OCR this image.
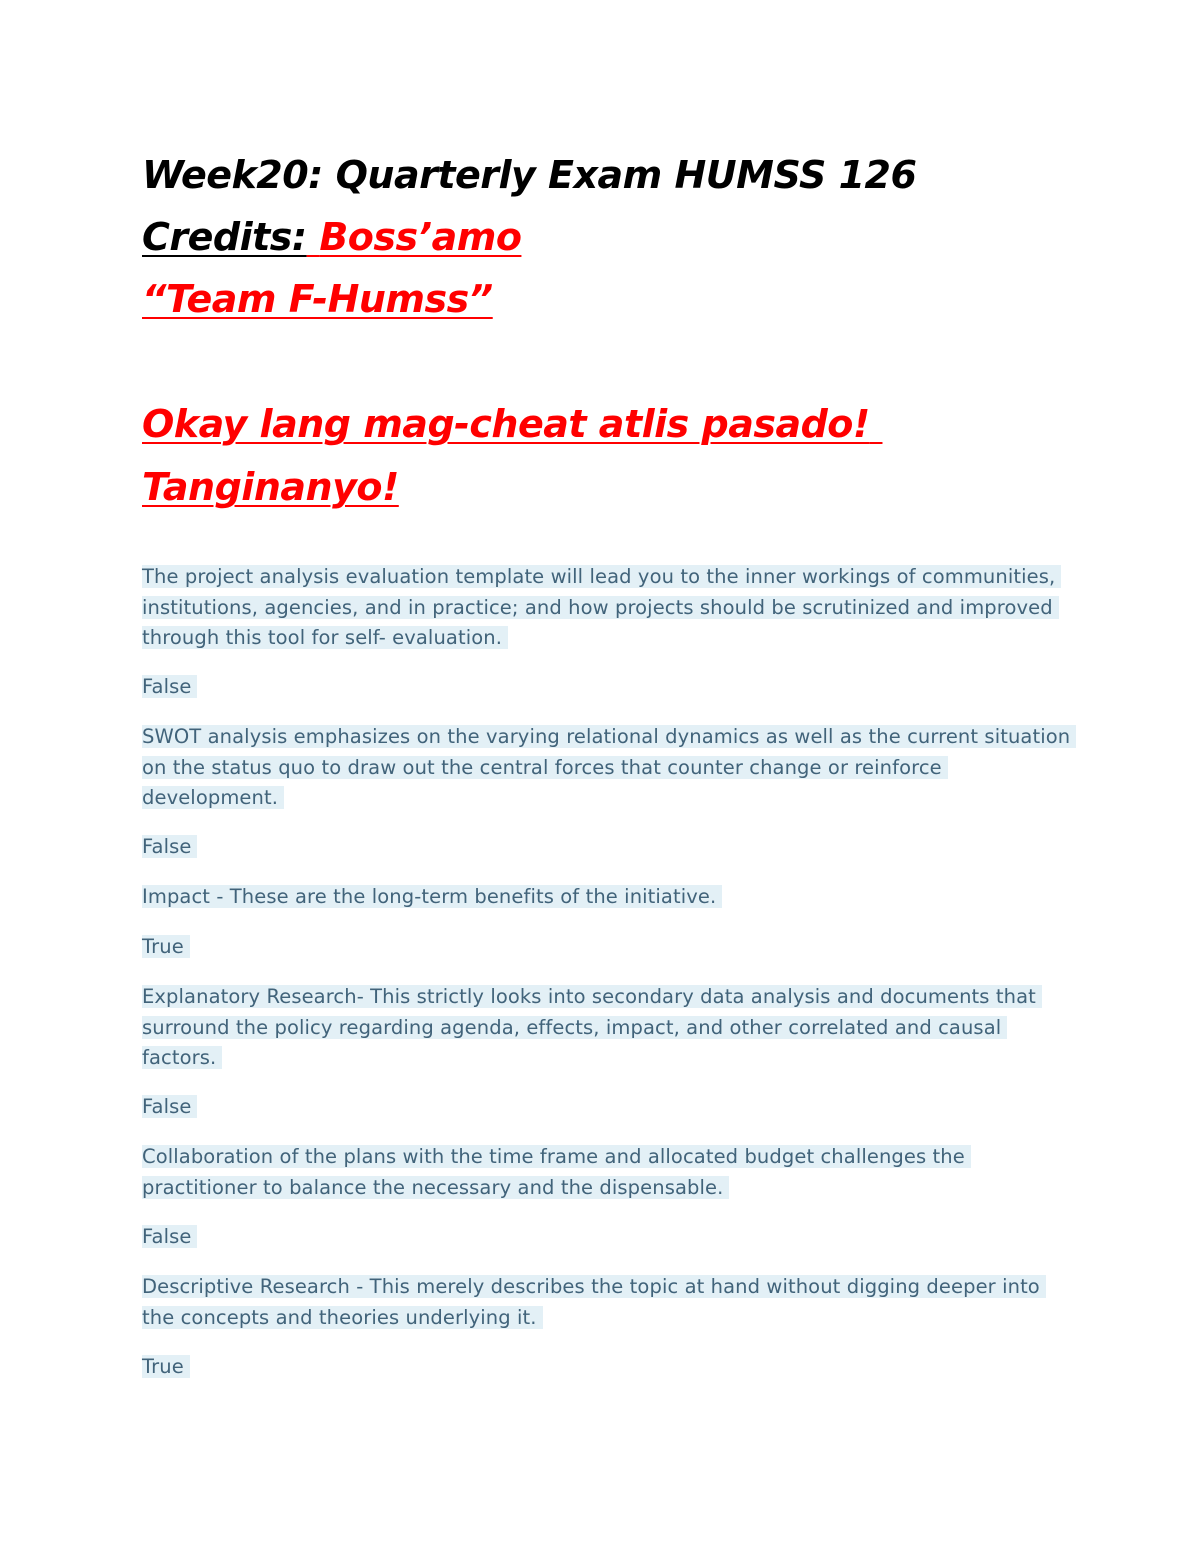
Week20: Quarterly Exam HUMSS 126
Credits: Boss’amo
“Team F-Humss”
Okay lang mag-cheat atlis pasado!
Tanginanyo!

The project analysis evaluation template will lead you to the inner workings of communities, institutions, agencies, and in practice; and how projects should be scrutinized and improved through this tool for self- evaluation.

False

SWOT analysis emphasizes on the varying relational dynamics as well as the current situation on the status quo to draw out the central forces that counter change or reinforce development.

False

Impact - These are the long-term benefits of the initiative.

True

Explanatory Research- This strictly looks into secondary data analysis and documents that surround the policy regarding agenda, effects, impact, and other correlated and causal factors.

False

Collaboration of the plans with the time frame and allocated budget challenges the practitioner to balance the necessary and the dispensable.

False

Descriptive Research - This merely describes the topic at hand without digging deeper into the concepts and theories underlying it.

True
